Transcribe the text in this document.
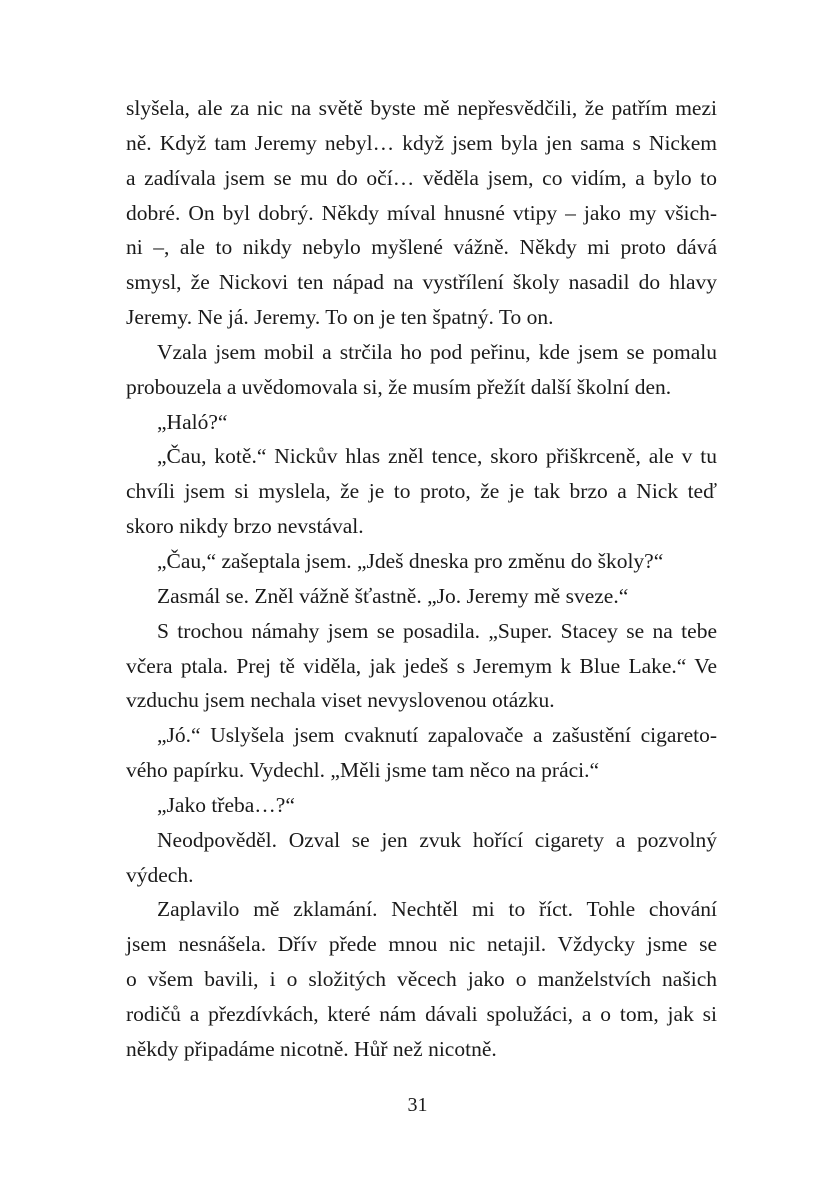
slyšela, ale za nic na světě byste mě nepřesvědčili, že patřím mezi
ně. Když tam Jeremy nebyl… když jsem byla jen sama s Nickem
a zadívala jsem se mu do očí… věděla jsem, co vidím, a bylo to
dobré. On byl dobrý. Někdy míval hnusné vtipy – jako my všich-
ni –, ale to nikdy nebylo myšlené vážně. Někdy mi proto dává
smysl, že Nickovi ten nápad na vystřílení školy nasadil do hlavy
Jeremy. Ne já. Jeremy. To on je ten špatný. To on.
Vzala jsem mobil a strčila ho pod peřinu, kde jsem se pomalu
probouzela a uvědomovala si, že musím přežít další školní den.
„Haló?“
„Čau, kotě.“ Nickův hlas zněl tence, skoro přiškrceně, ale v tu
chvíli jsem si myslela, že je to proto, že je tak brzo a Nick teď
skoro nikdy brzo nevstával.
„Čau,“ zašeptala jsem. „Jdeš dneska pro změnu do školy?“
Zasmál se. Zněl vážně šťastně. „Jo. Jeremy mě sveze.“
S trochou námahy jsem se posadila. „Super. Stacey se na tebe
včera ptala. Prej tě viděla, jak jedeš s Jeremym k Blue Lake.“ Ve
vzduchu jsem nechala viset nevyslovenou otázku.
„Jó.“ Uslyšela jsem cvaknutí zapalovače a zašustění cigareto-
vého papírku. Vydechl. „Měli jsme tam něco na práci.“
„Jako třeba…?“
Neodpověděl. Ozval se jen zvuk hořící cigarety a pozvolný
výdech.
Zaplavilo mě zklamání. Nechtěl mi to říct. Tohle chování
jsem nesnášela. Dřív přede mnou nic netajil. Vždycky jsme se
o všem bavili, i o složitých věcech jako o manželstvích našich
rodičů a přezdívkách, které nám dávali spolužáci, a o tom, jak si
někdy připadáme nicotně. Hůř než nicotně.
31
